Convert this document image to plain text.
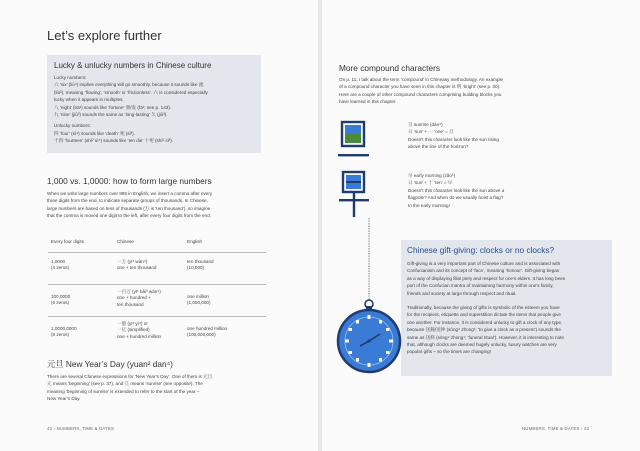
Let’s explore further
Lucky & unlucky numbers in Chinese culture

Lucky numbers:

六 ‘six’ (liù⁴) implies everything will go smoothly, because it sounds like 流

(liú²), meaning ‘flowing’, ‘smooth’ or ‘frictionless’. 六 is considered especially

lucky when it appears in multiples.

八 ‘eight’ (bā¹) sounds like ‘fortune’ 發/发 (fā¹; see p. 143).

九 ‘nine’ (jiǔ³) sounds the same as ‘long-lasting’ 久 (jiǔ³).

Unlucky numbers:

四 ‘four’ (sì⁴) sounds like ‘death’ 死 (sǐ³).

十四 ‘fourteen’ (shí² sì⁴) sounds like ‘ten die’ 十死 (shí² sǐ³).

1,000 vs. 1,0000: how to form large numbers

When we write large numbers over 999 in English, we insert a comma after every

three digits from the end, to indicate separate groups of thousands. In Chinese,

large numbers are based on tens of thousands (万 is ‘ten thousand’), so imagine

that the comma is moved one digit to the left, after every four digits from the end.

Every four digits	Chinese	English
1,0000
(4 zeros)
一万 (yī¹ wàn⁴)
one + ten thousand
ten thousand
(10,000)
100,0000
(6 zeros)
一百万 (yī¹ bǎi³ wàn⁴)
one + hundred +
ten thousand
one million
(1,000,000)
1,0000,0000
(8 zeros)
一億 (yī¹ yì⁴) or
一亿 (simplified)
one + hundred million
one hundred million
(100,000,000)
元旦 New Year’s Day (yuan² dan⁴)

There are several Chinese expressions for ‘New Year’s Day’. One of them is 元旦.

元 means ‘beginning’ (see p. 37), and 旦 means ‘sunrise’ (see opposite). The

meaning ‘beginning of sunrise’ is extended to refer to the start of the year –

New Year’s Day.

42 › NUMBERS, TIME & DATES
More compound characters

On p. 11, I talk about the term ‘compound’ in Chineasy methodology. An example

of a compound character you have seen in this chapter is 明 ‘bright’ (see p. 30).

Here are a couple of other compound characters comprising building blocks you

have learned in this chapter.

旦 sunrise (dàn⁴)

日 ‘sun’ + 一 ‘one’ = 旦

Doesn’t this character look like the sun rising

above the line of the horizon?

早 early morning (zǎo³)

日 ‘sun’ + 十 ‘ten’ = 早

Doesn’t this character look like the sun above a

flagpole? And when do we usually hoist a flag?

In the early morning!

Chinese gift-giving: clocks or no clocks?

Gift-giving is a very important part of Chinese culture and is associated with

Confucianism and its concept of ‘face’, meaning ‘honour’. Gift-giving began

as a way of displaying filial piety and respect for one’s elders. It has long been

part of the Confucian mantra of maintaining harmony within one’s family,

friends and society at large through respect and ritual.

Traditionally, because the giving of gifts is symbolic of the esteem you have

for the recipient, etiquette and superstition dictate the items that people give

one another. For instance, it is considered unlucky to gift a clock of any type,

because 送鐘/送钟 (sòng⁴ zhong¹; ‘to give a clock as a present’) sounds the

same as 送終 (sòng⁴ zhong¹; ‘funeral ritual’). However, it is interesting to note

that, although clocks are deemed hugely unlucky, luxury watches are very

popular gifts – so the times are changing!

NUMBERS, TIME & DATES ‹ 43
